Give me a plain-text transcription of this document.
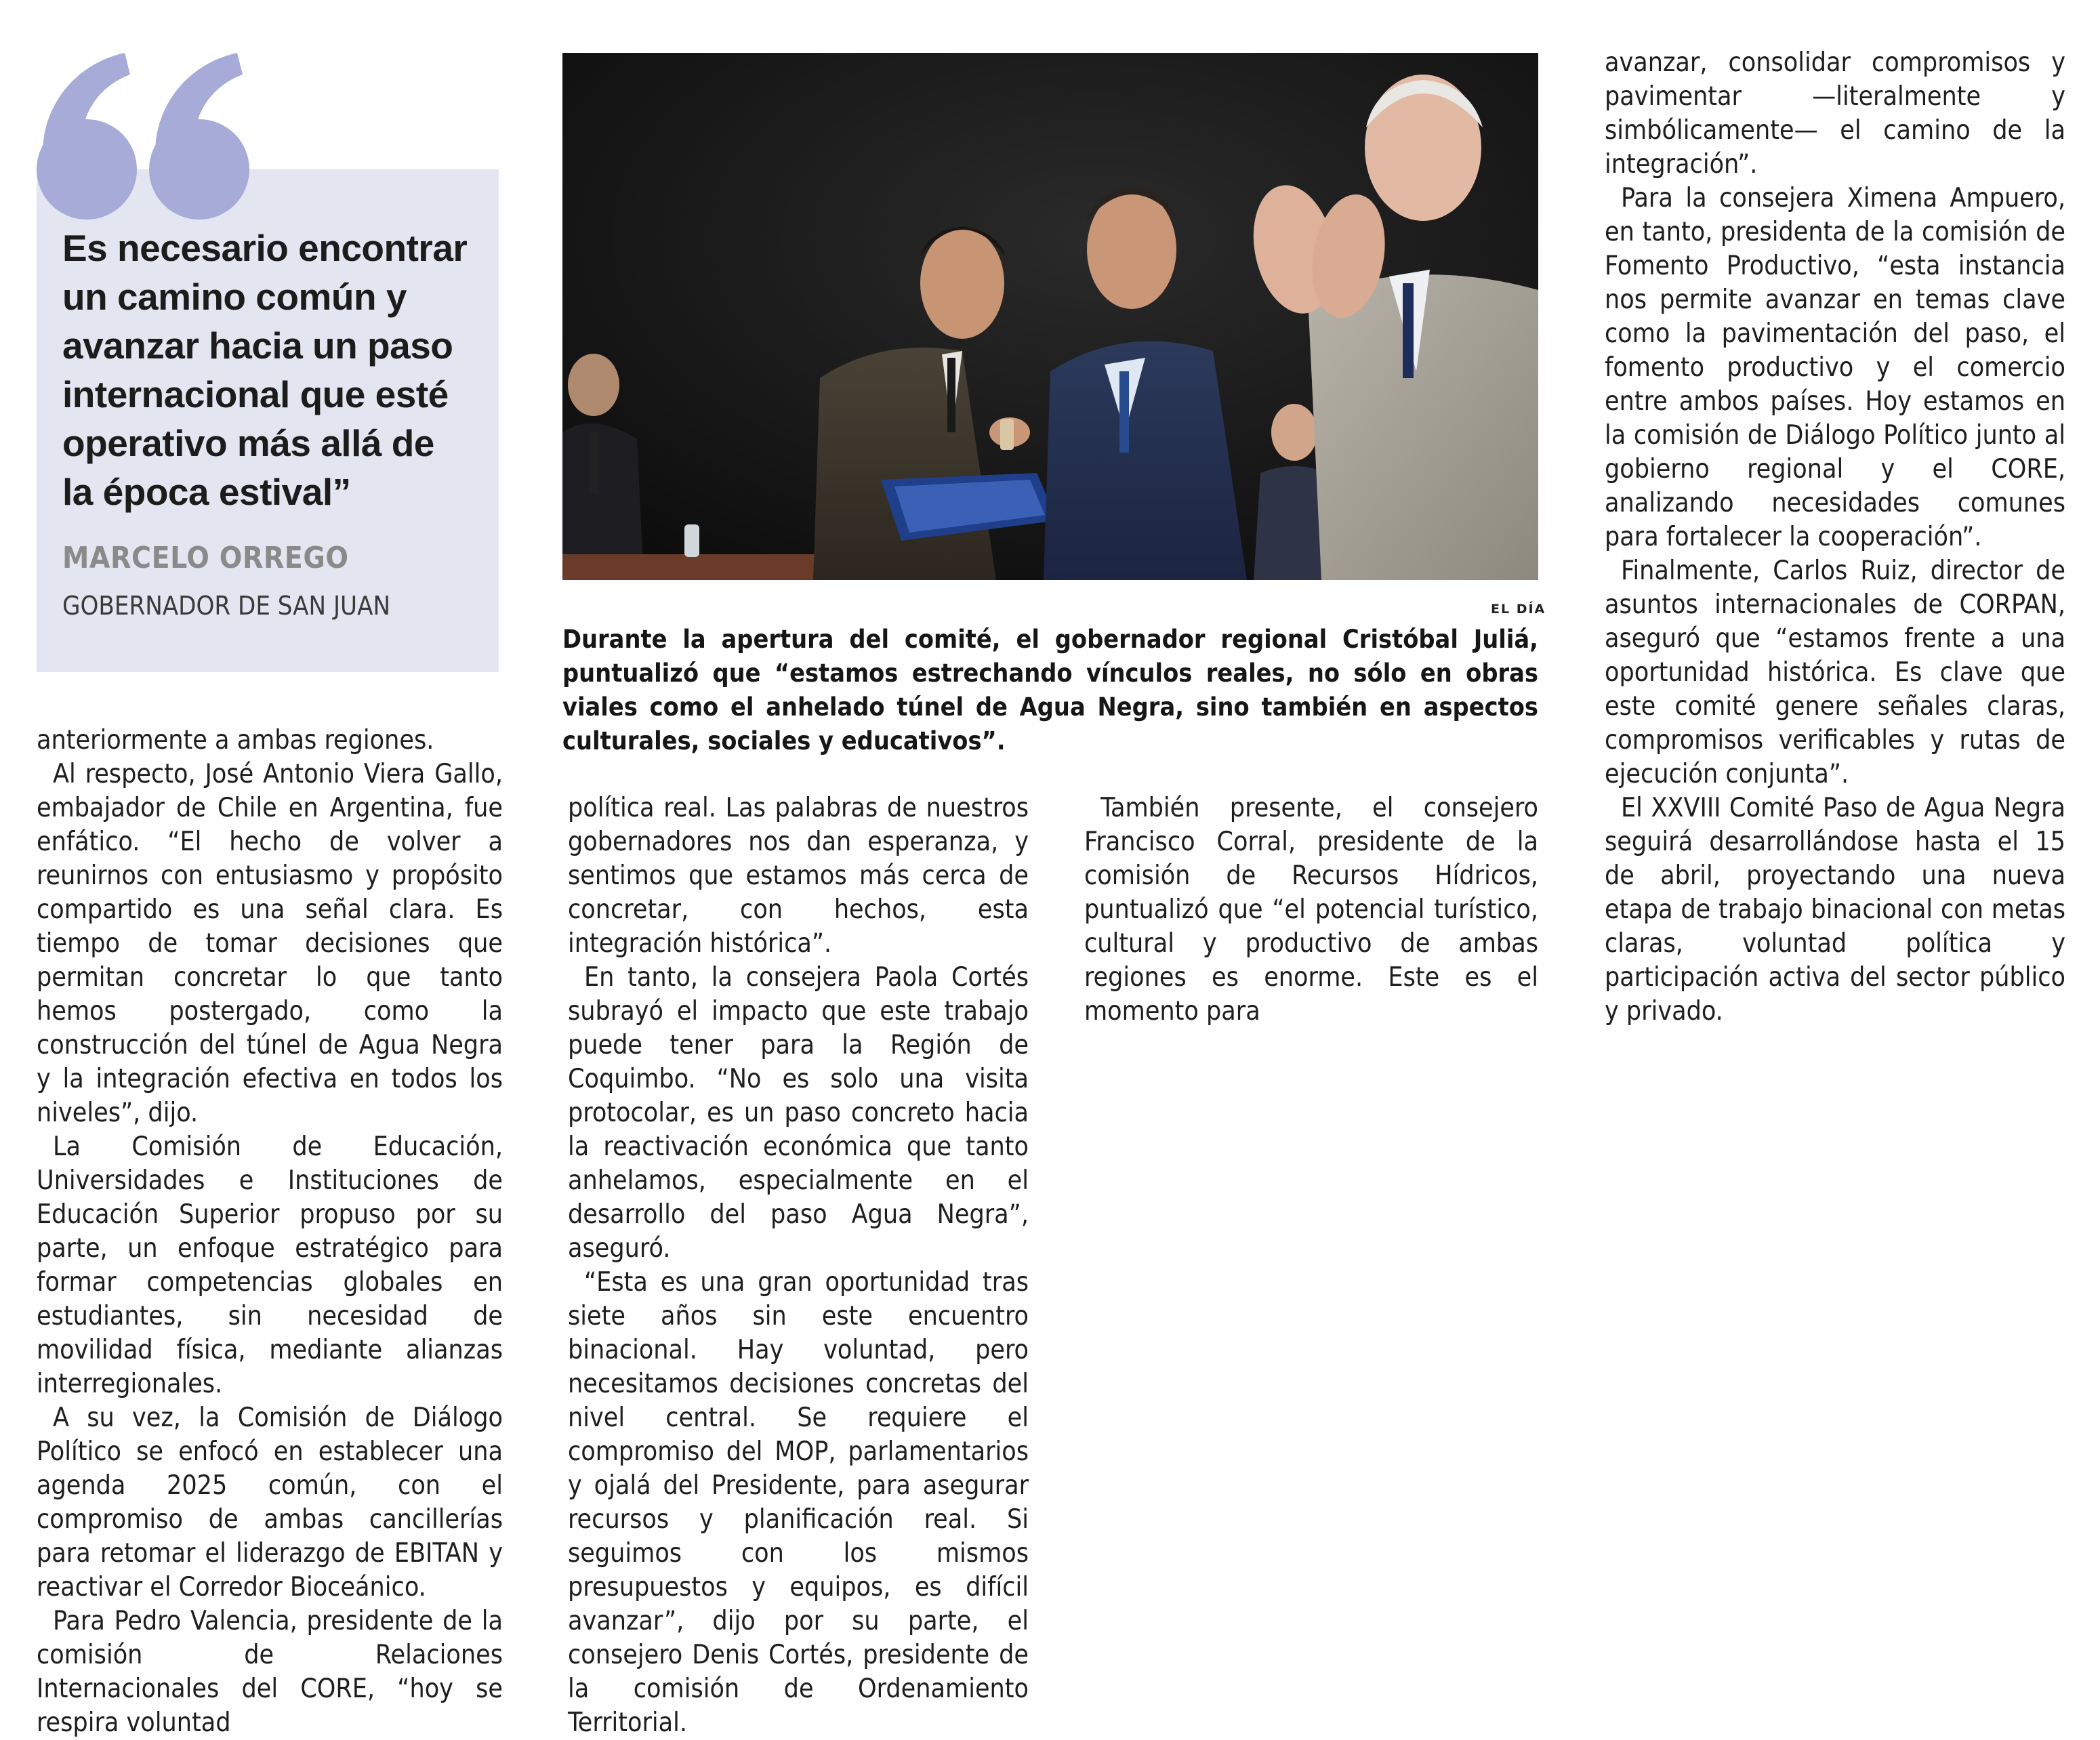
Es necesario encontrar
un camino común y
avanzar hacia un paso
internacional que esté
operativo más allá de
la época estival”
MARCELO ORREGO
GOBERNADOR DE SAN JUAN	EL DÍA
Durante la apertura del comité, el gobernador regional Cristóbal Juliá, puntualizó que “estamos estrechando vínculos reales, no sólo en obras viales como el anhelado túnel de Agua Negra, sino también en aspectos culturales, sociales y educativos”.

anteriormente a ambas regiones.

Al respecto, José Antonio Viera Gallo, embajador de Chile en Argentina, fue enfático. “El hecho de volver a reunirnos con entusiasmo y propósito compartido es una señal clara. Es tiempo de tomar decisiones que permitan concretar lo que tanto hemos postergado, como la construcción del túnel de Agua Negra y la integración efectiva en todos los niveles”, dijo.

La Comisión de Educación, Universidades e Instituciones de Educación Superior propuso por su parte, un enfoque estratégico para formar competencias globales en estudiantes, sin necesidad de movilidad física, mediante alianzas interregionales.

A su vez, la Comisión de Diálogo Político se enfocó en establecer una agenda 2025 común, con el compromiso de ambas cancillerías para retomar el liderazgo de EBITAN y reactivar el Corredor Bioceánico.

Para Pedro Valencia, presidente de la comisión de Relaciones Internacionales del CORE, “hoy se respira voluntad

política real. Las palabras de nuestros gobernadores nos dan esperanza, y sentimos que estamos más cerca de concretar, con hechos, esta integración histórica”.

En tanto, la consejera Paola Cortés subrayó el impacto que este trabajo puede tener para la Región de Coquimbo. “No es solo una visita protocolar, es un paso concreto hacia la reactivación económica que tanto anhelamos, especialmente en el desarrollo del paso Agua Negra”, aseguró.

“Esta es una gran oportunidad tras siete años sin este encuentro binacional. Hay voluntad, pero necesitamos decisiones concretas del nivel central. Se requiere el compromiso del MOP, parlamentarios y ojalá del Presidente, para asegurar recursos y planificación real. Si seguimos con los mismos presupuestos y equipos, es difícil avanzar”, dijo por su parte, el consejero Denis Cortés, presidente de la comisión de Ordenamiento Territorial.

También presente, el consejero Francisco Corral, presidente de la comisión de Recursos Hídricos, puntualizó que “el potencial turístico, cultural y productivo de ambas regiones es enorme. Este es el momento para

avanzar, consolidar compromisos y pavimentar —literalmente y simbólicamente— el camino de la integración”.

Para la consejera Ximena Ampuero, en tanto, presidenta de la comisión de Fomento Productivo, “esta instancia nos permite avanzar en temas clave como la pavimentación del paso, el fomento productivo y el comercio entre ambos países. Hoy estamos en la comisión de Diálogo Político junto al gobierno regional y el CORE, analizando necesidades comunes para fortalecer la cooperación”.

Finalmente, Carlos Ruiz, director de asuntos internacionales de CORPAN, aseguró que “estamos frente a una oportunidad histórica. Es clave que este comité genere señales claras, compromisos verificables y rutas de ejecución conjunta”.

El XXVIII Comité Paso de Agua Negra seguirá desarrollándose hasta el 15 de abril, proyectando una nueva etapa de trabajo binacional con metas claras, voluntad política y participación activa del sector público y privado.
